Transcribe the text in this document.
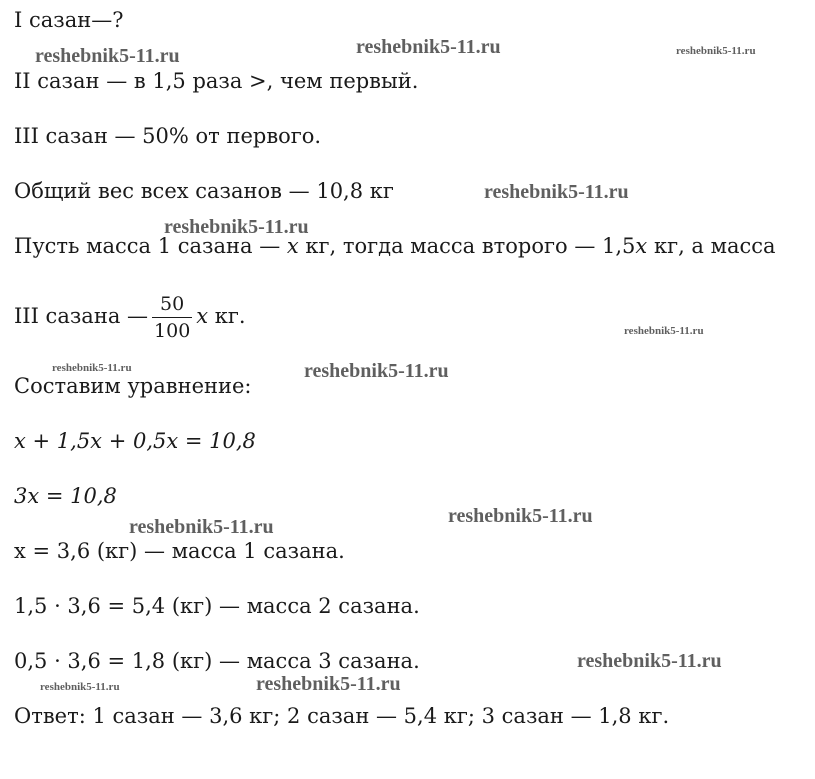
I сазан—?
II сазан — в 1,5 раза >, чем первый.
III сазан — 50% от первого.
Общий вес всех сазанов — 10,8 кг
Пусть масса 1 сазана — x кг, тогда масса второго — 1,5x кг, а масса
III сазана — $\frac{50}{100}$ x кг.
Составим уравнение:
x + 1,5x + 0,5x = 10,8
3x = 10,8
x = 3,6 (кг) — масса 1 сазана.
1,5 · 3,6 = 5,4 (кг) — масса 2 сазана.
0,5 · 3,6 = 1,8 (кг) — масса 3 сазана.
Ответ: 1 сазан — 3,6 кг; 2 сазан — 5,4 кг; 3 сазан — 1,8 кг.
reshebnik5-11.ru	reshebnik5-11.ru	reshebnik5-11.ru
reshebnik5-11.ru
reshebnik5-11.ru
reshebnik5-11.ru
reshebnik5-11.ru	reshebnik5-11.ru
reshebnik5-11.ru	reshebnik5-11.ru
reshebnik5-11.ru
reshebnik5-11.ru	reshebnik5-11.ru
